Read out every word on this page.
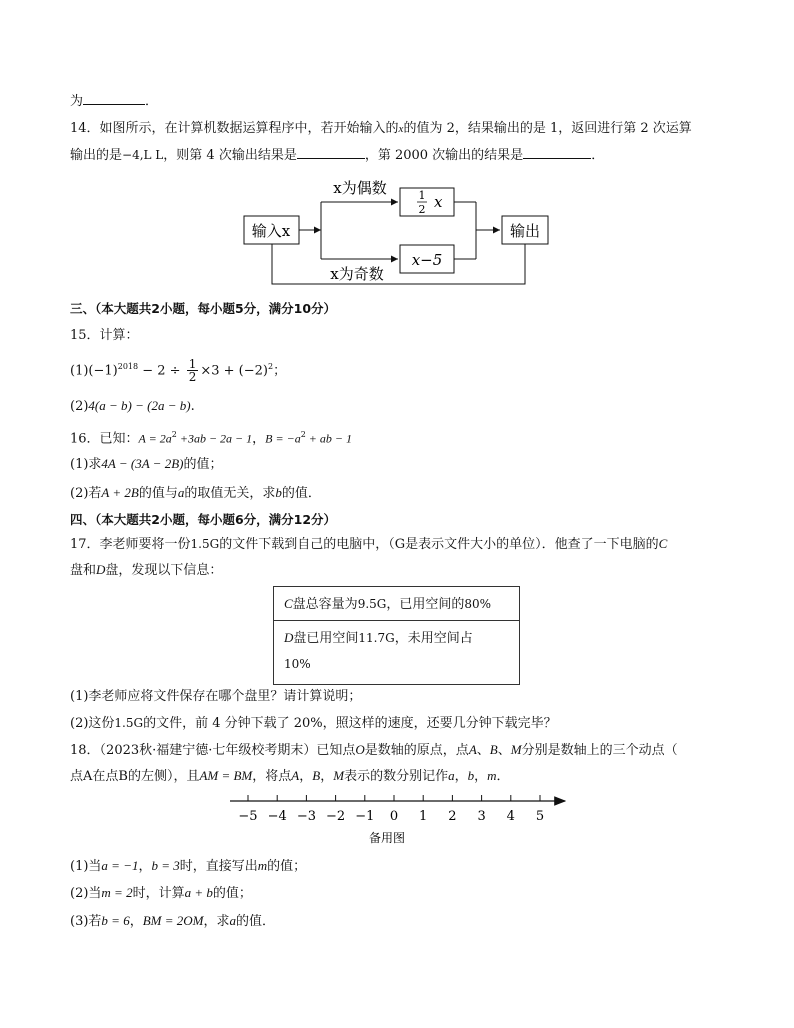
为	．
14．如图所示，在计算机数据运算程序中，若开始输入的x的值为 2，结果输出的是 1，返回进行第 2 次运算
输出的是−4,L L，则第 4 次输出结果是	，第 2000 次输出的结果是	．
输入x	输出
x为偶数
x为奇数
1
2 x
x−5
三、（本大题共2小题，每小题5分，满分10分）
15．计算：
$(1)(-1)^{2018} - 2 \div \frac{1}{2} \times 3 + (-2)^2$；
(2)4(a − b) − (2a − b).
16．已知：$A = 2a^2 +3ab - 2a - 1$，$B = -a^2$ + ab − 1
(1)求4A − (3A − 2B)的值；
(2)若A + 2B的值与a的取值无关，求b的值．
四、（本大题共2小题，每小题6分，满分12分）
17．李老师要将一份1.5G的文件下载到自己的电脑中，（G是表示文件大小的单位）．他查了一下电脑的C
盘和D盘，发现以下信息：
C盘总容量为9.5G，已用空间的80%
D盘已用空间11.7G，未用空间占
10%
(1)李老师应将文件保存在哪个盘里？请计算说明；
(2)这份1.5G的文件，前 4 分钟下载了 20%，照这样的速度，还要几分钟下载完毕？
18．（2023秋·福建宁德·七年级校考期末）已知点O是数轴的原点，点A、B、M分别是数轴上的三个动点（
点A在点B的左侧），且AM = BM，将点A，B，M表示的数分别记作a，b，m．
−5 −4 −3 −2 −1 0 1 2 3 4 5
备用图
(1)当a = −1，b = 3时，直接写出m的值；
(2)当m = 2时，计算a + b的值；
(3)若b = 6，BM = 2OM，求a的值．
